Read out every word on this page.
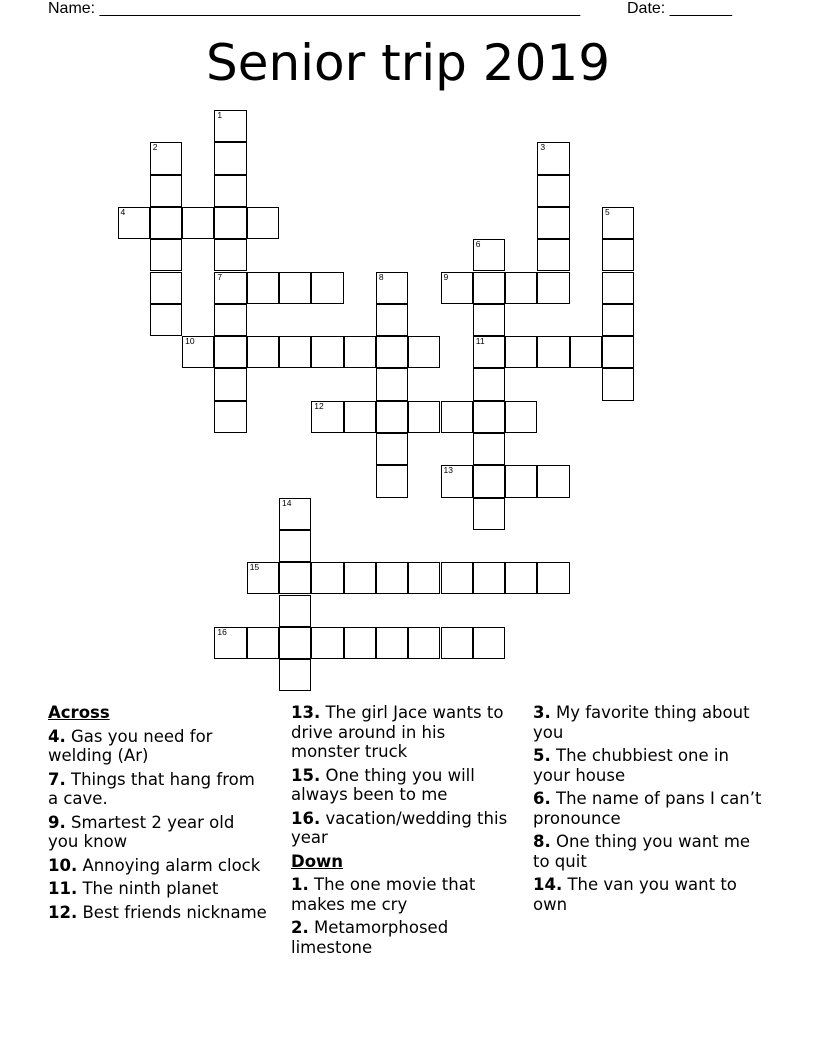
Name: ______________________________________________________	Date: _______
Senior trip 2019
1
7
2	3
4	5
6
11
8	9
10
12
13
14
15
16
Across
4. Gas you need for welding (Ar)
7. Things that hang from a cave.
9. Smartest 2 year old you know
10. Annoying alarm clock
11. The ninth planet
12. Best friends nickname
13. The girl Jace wants to drive around in his monster truck
15. One thing you will always been to me
16. vacation/wedding this year
Down
1. The one movie that makes me cry
2. Metamorphosed limestone
3. My favorite thing about you
5. The chubbiest one in your house
6. The name of pans I can’t pronounce
8. One thing you want me to quit
14. The van you want to own
